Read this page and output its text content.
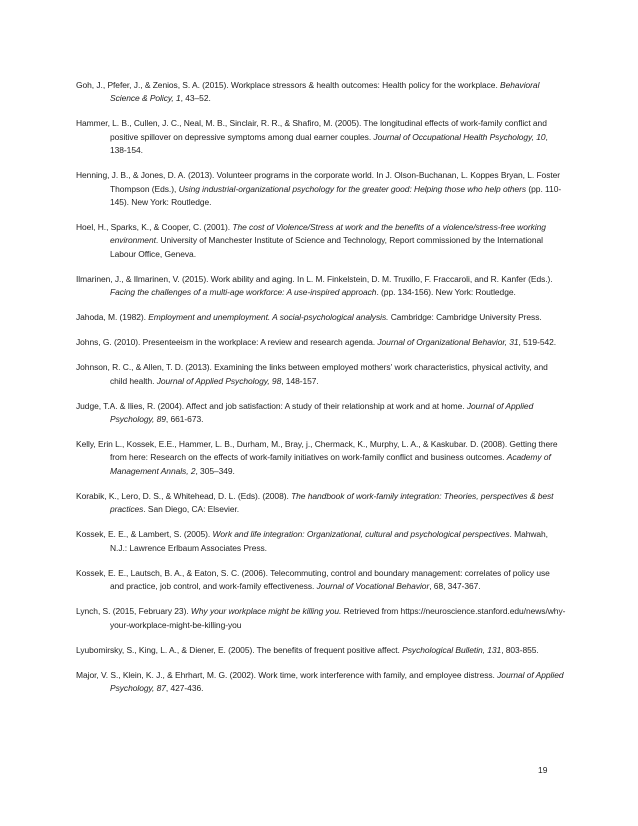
Goh, J., Pfefer, J., & Zenios, S. A. (2015). Workplace stressors & health outcomes: Health policy for the workplace. Behavioral Science & Policy, 1, 43–52.

Hammer, L. B., Cullen, J. C., Neal, M. B., Sinclair, R. R., & Shafiro, M. (2005). The longitudinal effects of work-family conflict and positive spillover on depressive symptoms among dual earner couples. Journal of Occupational Health Psychology, 10, 138-154.

Henning, J. B., & Jones, D. A. (2013). Volunteer programs in the corporate world. In J. Olson-Buchanan, L. Koppes Bryan, L. Foster Thompson (Eds.), Using industrial-organizational psychology for the greater good: Helping those who help others (pp. 110-145). New York: Routledge.

Hoel, H., Sparks, K., & Cooper, C. (2001). The cost of Violence/Stress at work and the benefits of a violence/stress-free working environment. University of Manchester Institute of Science and Technology, Report commissioned by the International Labour Office, Geneva.

Ilmarinen, J., & Ilmarinen, V. (2015). Work ability and aging. In L. M. Finkelstein, D. M. Truxillo, F. Fraccaroli, and R. Kanfer (Eds.). Facing the challenges of a multi-age workforce: A use-inspired approach. (pp. 134-156). New York: Routledge.

Jahoda, M. (1982). Employment and unemployment. A social-psychological analysis. Cambridge: Cambridge University Press.

Johns, G. (2010). Presenteeism in the workplace: A review and research agenda. Journal of Organizational Behavior, 31, 519-542.

Johnson, R. C., & Allen, T. D. (2013). Examining the links between employed mothers' work characteristics, physical activity, and child health. Journal of Applied Psychology, 98, 148-157.

Judge, T.A. & Ilies, R. (2004). Affect and job satisfaction: A study of their relationship at work and at home. Journal of Applied Psychology, 89, 661-673.

Kelly, Erin L., Kossek, E.E., Hammer, L. B., Durham, M., Bray, j., Chermack, K., Murphy, L. A., & Kaskubar. D. (2008). Getting there from here: Research on the effects of work-family initiatives on work-family conflict and business outcomes. Academy of Management Annals, 2, 305–349.

Korabik, K., Lero, D. S., & Whitehead, D. L. (Eds). (2008). The handbook of work-family integration: Theories, perspectives & best practices. San Diego, CA: Elsevier.

Kossek, E. E., & Lambert, S. (2005). Work and life integration: Organizational, cultural and psychological perspectives. Mahwah, N.J.: Lawrence Erlbaum Associates Press.

Kossek, E. E., Lautsch, B. A., & Eaton, S. C. (2006). Telecommuting, control and boundary management: correlates of policy use and practice, job control, and work-family effectiveness. Journal of Vocational Behavior, 68, 347-367.

Lynch, S. (2015, February 23). Why your workplace might be killing you. Retrieved from https://neuroscience.stanford.edu/news/why-your-workplace-might-be-killing-you

Lyubomirsky, S., King, L. A., & Diener, E. (2005). The benefits of frequent positive affect. Psychological Bulletin, 131, 803-855.

Major, V. S., Klein, K. J., & Ehrhart, M. G. (2002). Work time, work interference with family, and employee distress. Journal of Applied Psychology, 87, 427-436.

19
